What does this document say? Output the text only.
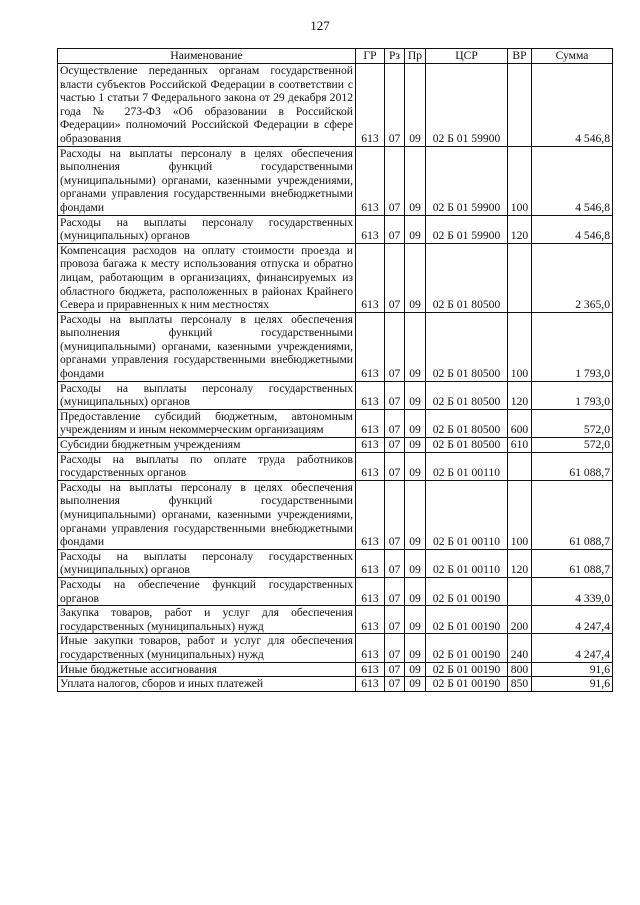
127
Наименование	ГР	Рз	Пр	ЦСР	ВР	Сумма
Осуществление переданных органам государственной власти субъектов Российской Федерации в соответствии с частью 1 статьи 7 Федерального закона от 29 декабря 2012 года № 273-ФЗ «Об образовании в Российской Федерации» полномочий Российской Федерации в сфере образования	613	07	09	02 Б 01 59900		4 546,8
Расходы на выплаты персоналу в целях обеспечения выполнения функций государственными (муниципальными) органами, казенными учреждениями, органами управления государственными внебюджетными фондами	613	07	09	02 Б 01 59900	100	4 546,8
Расходы на выплаты персоналу государственных (муниципальных) органов	613	07	09	02 Б 01 59900	120	4 546,8
Компенсация расходов на оплату стоимости проезда и провоза багажа к месту использования отпуска и обратно лицам, работающим в организациях, финансируемых из областного бюджета, расположенных в районах Крайнего Севера и приравненных к ним местностях	613	07	09	02 Б 01 80500		2 365,0
Расходы на выплаты персоналу в целях обеспечения выполнения функций государственными (муниципальными) органами, казенными учреждениями, органами управления государственными внебюджетными фондами	613	07	09	02 Б 01 80500	100	1 793,0
Расходы на выплаты персоналу государственных (муниципальных) органов	613	07	09	02 Б 01 80500	120	1 793,0
Предоставление субсидий бюджетным, автономным учреждениям и иным некоммерческим организациям	613	07	09	02 Б 01 80500	600	572,0
Субсидии бюджетным учреждениям	613	07	09	02 Б 01 80500	610	572,0
Расходы на выплаты по оплате труда работников государственных органов	613	07	09	02 Б 01 00110		61 088,7
Расходы на выплаты персоналу в целях обеспечения выполнения функций государственными (муниципальными) органами, казенными учреждениями, органами управления государственными внебюджетными фондами	613	07	09	02 Б 01 00110	100	61 088,7
Расходы на выплаты персоналу государственных (муниципальных) органов	613	07	09	02 Б 01 00110	120	61 088,7
Расходы на обеспечение функций государственных органов	613	07	09	02 Б 01 00190		4 339,0
Закупка товаров, работ и услуг для обеспечения государственных (муниципальных) нужд	613	07	09	02 Б 01 00190	200	4 247,4
Иные закупки товаров, работ и услуг для обеспечения государственных (муниципальных) нужд	613	07	09	02 Б 01 00190	240	4 247,4
Иные бюджетные ассигнования	613	07	09	02 Б 01 00190	800	91,6
Уплата налогов, сборов и иных платежей	613	07	09	02 Б 01 00190	850	91,6
